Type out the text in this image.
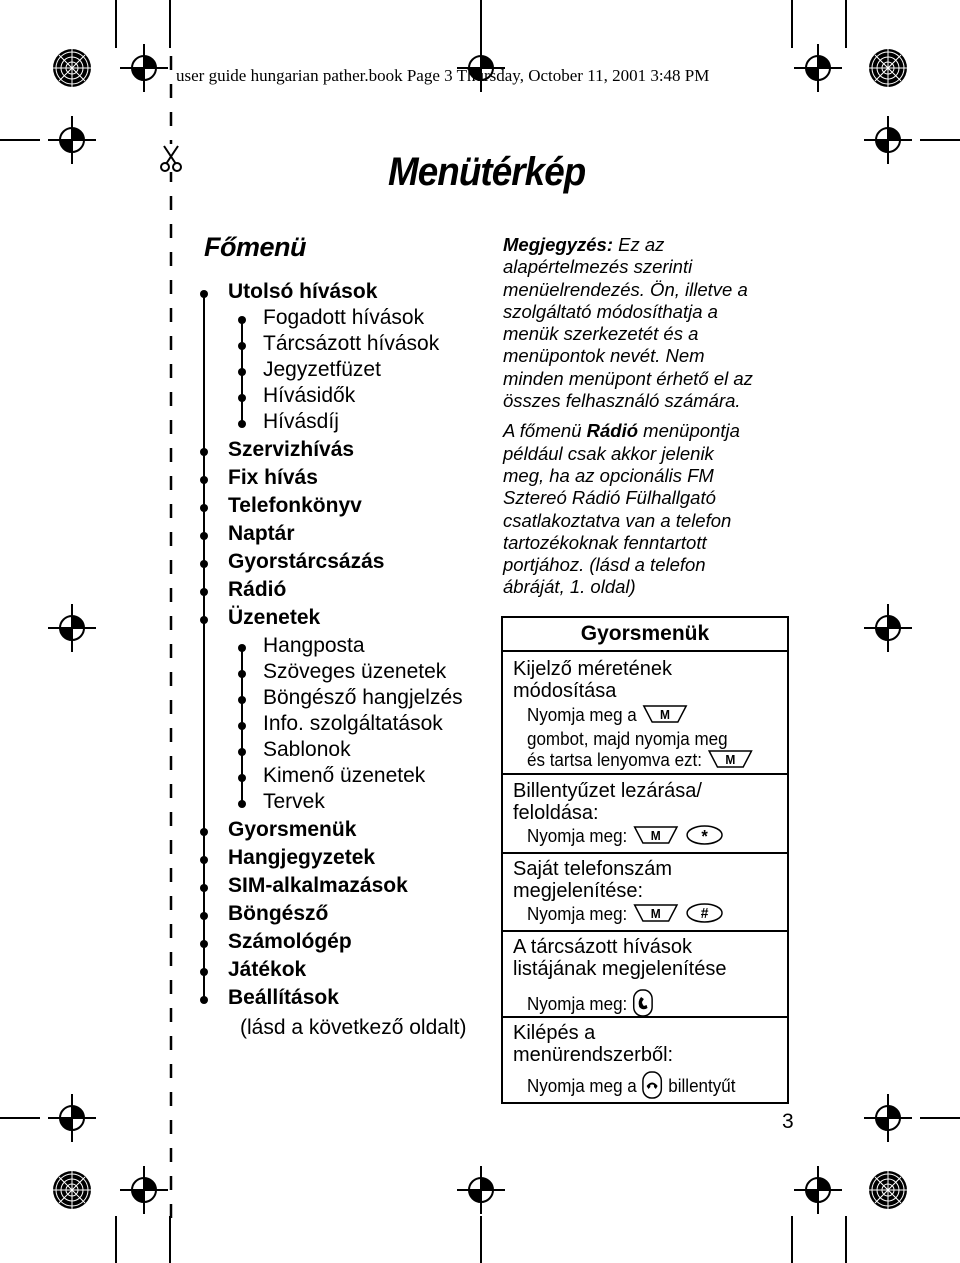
user guide hungarian pather.book Page 3 Thursday, October 11, 2001 3:48 PM
Menütérkép
Főmenü
Utolsó hívások
Fogadott hívások
Tárcsázott hívások
Jegyzetfüzet
Hívásidők
Hívásdíj
Szervizhívás
Fix hívás
Telefonkönyv
Naptár
Gyorstárcsázás
Rádió
Üzenetek
Hangposta
Szöveges üzenetek
Böngésző hangjelzés
Info. szolgáltatások
Sablonok
Kimenő üzenetek
Tervek
Gyorsmenük
Hangjegyzetek
SIM-alkalmazások
Böngésző
Számológép
Játékok
Beállítások
(lásd a következő oldalt)

Megjegyzés: Ez az
alapértelmezés szerinti
menüelrendezés. Ön, illetve a
szolgáltató módosíthatja a
menük szerkezetét és a
menüpontok nevét. Nem
minden menüpont érhető el az
összes felhasználó számára.

A főmenü Rádió menüpontja
például csak akkor jelenik
meg, ha az opcionális FM
Sztereó Rádió Fülhallgató
csatlakoztatva van a telefon
tartozékoknak fenntartott
portjához. (lásd a telefon
ábráját, 1. oldal)

Gyorsmenük
Kijelző méretének
módosítása
Nyomja meg a M

gombot, majd nyomja meg
és tartsa lenyomva ezt: M
Billentyűzet lezárása/
feloldása:
Nyomja meg: M
*
Saját telefonszám
megjelenítése:
Nyomja meg: M
	#
A tárcsázott hívások
listájának megjelenítése
Nyomja meg:
Kilépés a
menürendszerből:
Nyomja meg a billentyűt
3
